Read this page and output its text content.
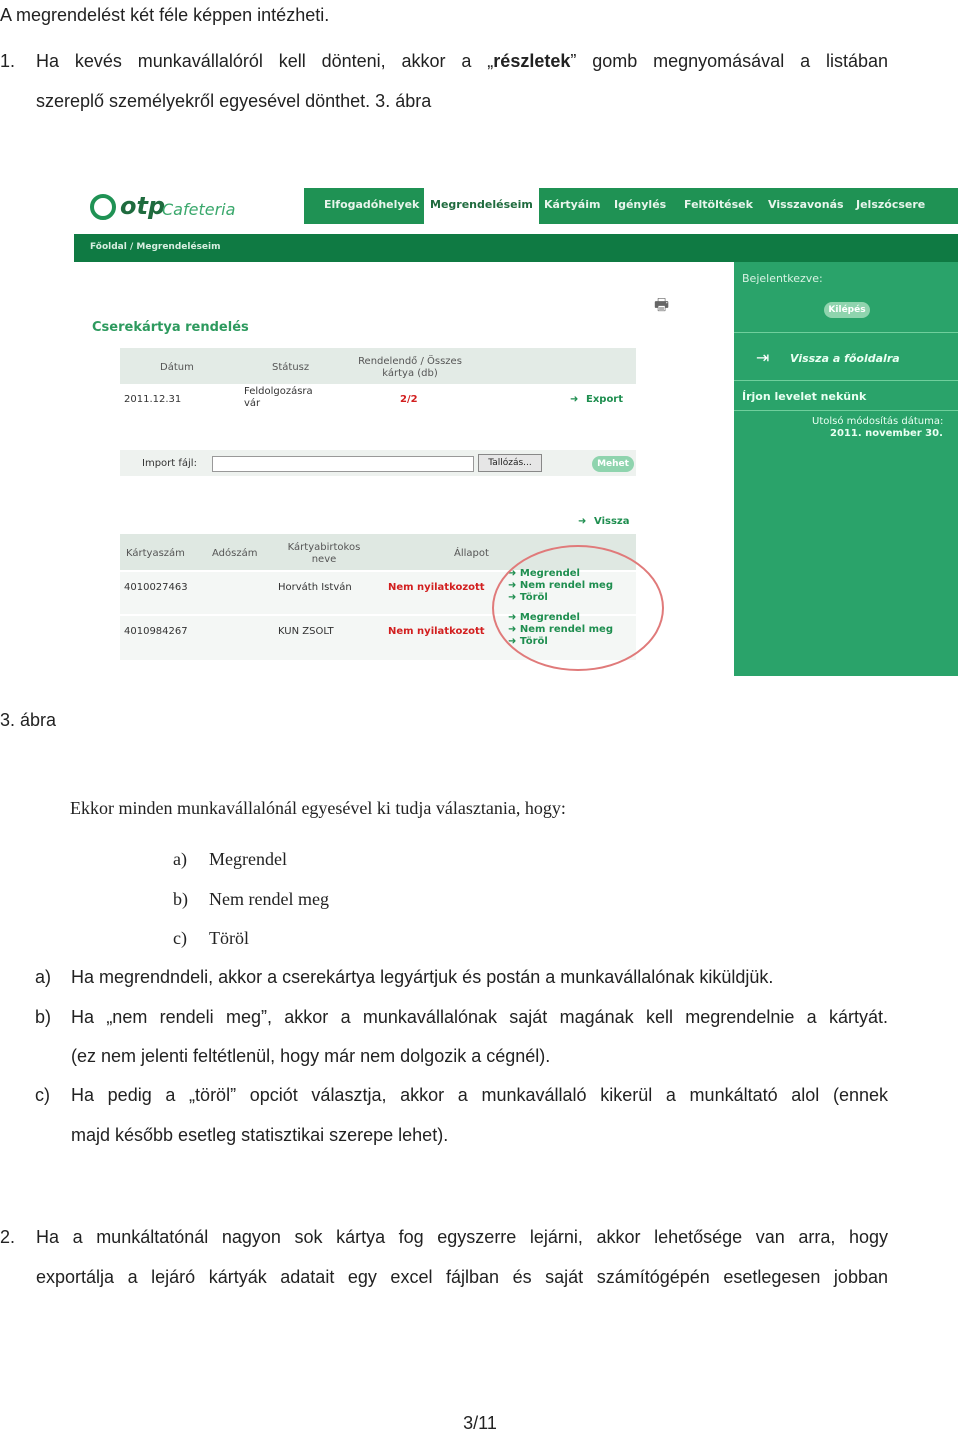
A megrendelést két féle képpen intézheti.
1. Ha kevés munkavállalóról kell dönteni, akkor a „részletek” gomb megnyomásával a listában
szereplő személyekről egyesével dönthet. 3. ábra
otp
Cafeteria	Elfogadóhelyek Megrendeléseim	Kártyáim	Igénylés	Feltöltések	Visszavonás	Jelszócsere
Főoldal / Megrendeléseim
Bejelentkezve:
Kilépés
⇥ Vissza a főoldalra
Írjon levelet nekünk
Utolsó módosítás dátuma:
2011. november 30.
🖶
Cserekártya rendelés
Dátum	Státusz
Rendelendő / Összes kártya (db)
2011.12.31
Feldolgozásra vár	2/2	➜ Export
Import fájl:	Tallózás...	Mehet
➜ Vissza
Kártyaszám	Adószám
Kártyabirtokos neve
Állapot
4010027463	Horváth István	Nem nyilatkozott
➜ Megrendel
➜ Nem rendel meg
➜ Töröl
4010984267	KUN ZSOLT	Nem nyilatkozott
➜ Megrendel
➜ Nem rendel meg
➜ Töröl
3. ábra
Ekkor minden munkavállalónál egyesével ki tudja választania, hogy:
a) Megrendel
b) Nem rendel meg
c) Töröl
a) Ha megrendndeli, akkor a cserekártya legyártjuk és postán a munkavállalónak kiküldjük.
b) Ha „nem rendeli meg”, akkor a munkavállalónak saját magának kell megrendelnie a kártyát.
(ez nem jelenti feltétlenül, hogy már nem dolgozik a cégnél).
c) Ha pedig a „töröl” opciót választja, akkor a munkavállaló kikerül a munkáltató alol (ennek
majd később esetleg statisztikai szerepe lehet).
2. Ha a munkáltatónál nagyon sok kártya fog egyszerre lejárni, akkor lehetősége van arra, hogy
exportálja a lejáró kártyák adatait egy excel fájlban és saját számítógépén esetlegesen jobban
3/11
